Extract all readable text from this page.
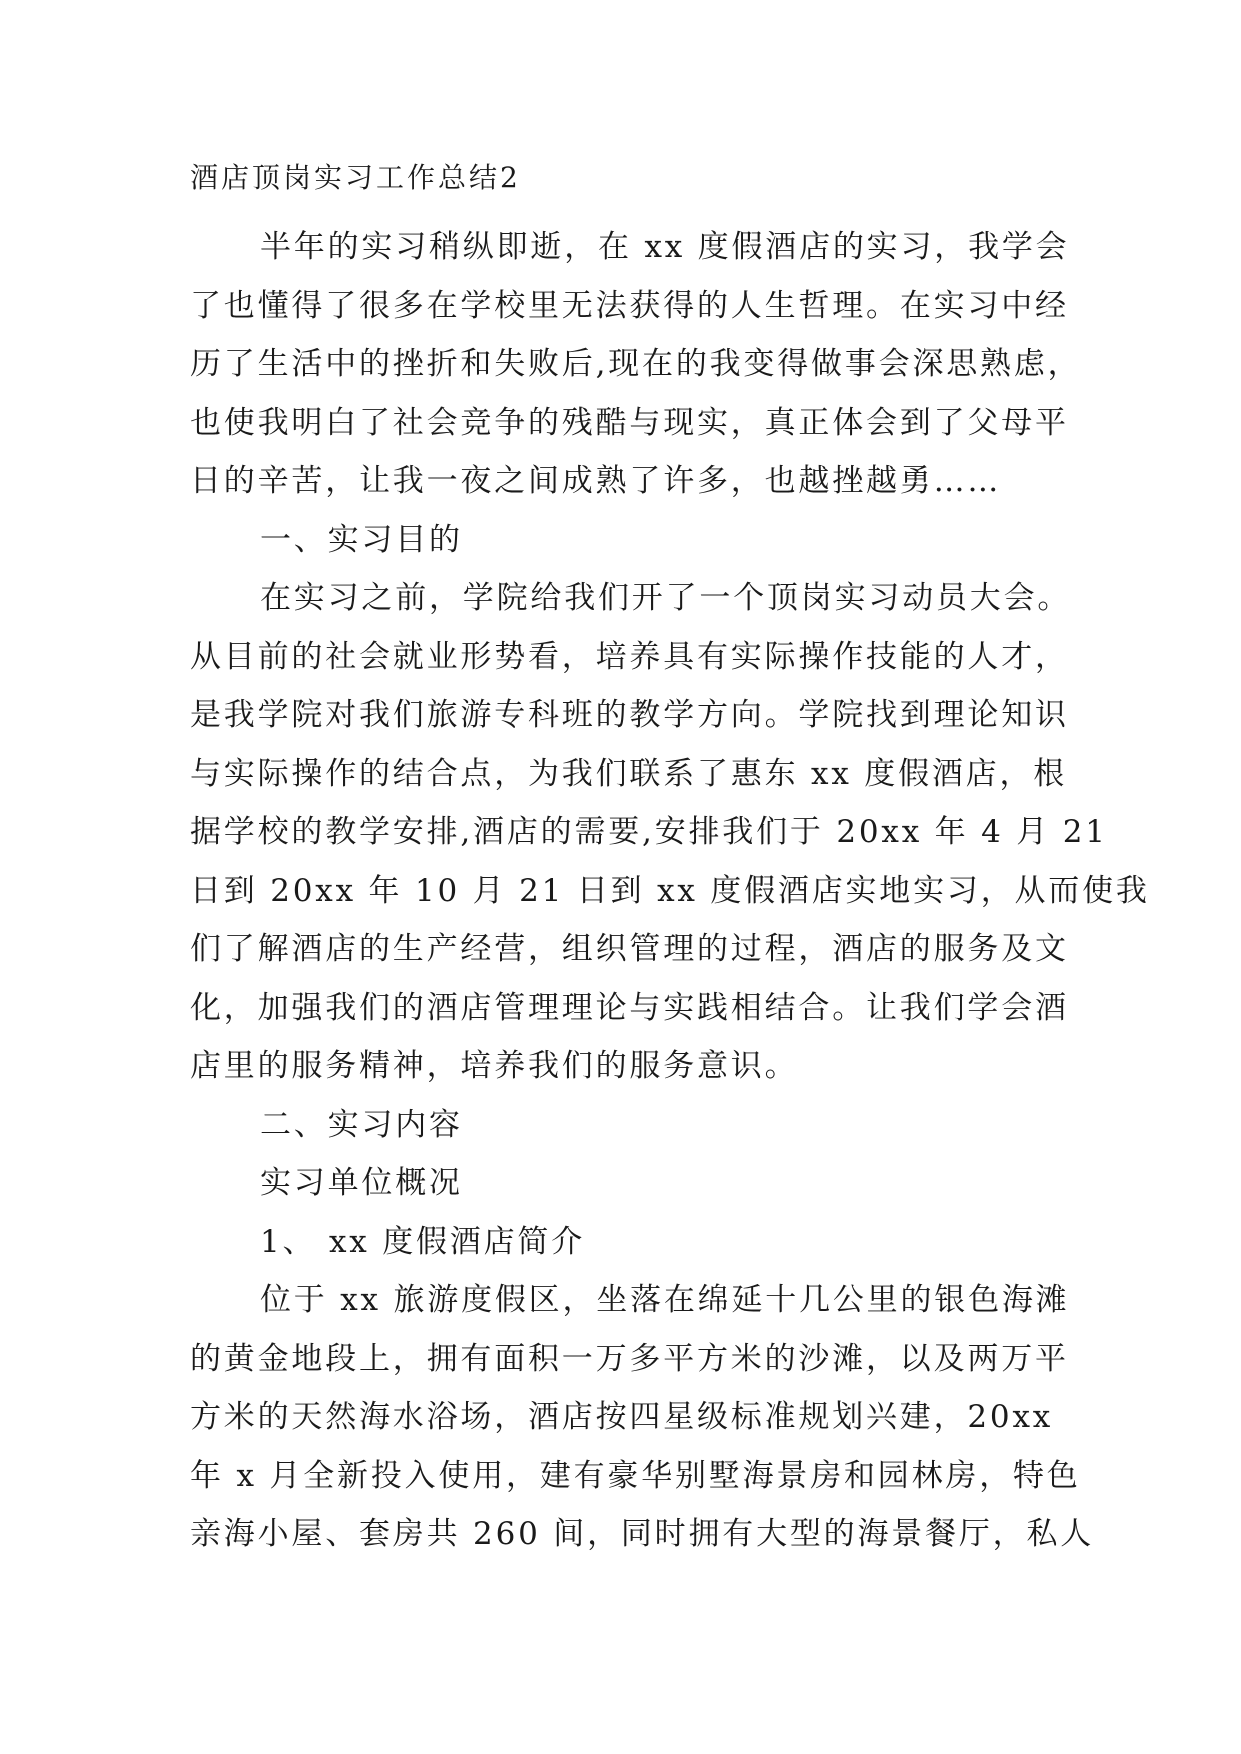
酒店顶岗实习工作总结2
半年的实习稍纵即逝，在 xx 度假酒店的实习，我学会
了也懂得了很多在学校里无法获得的人生哲理。在实习中经
历了生活中的挫折和失败后,现在的我变得做事会深思熟虑，
也使我明白了社会竞争的残酷与现实，真正体会到了父母平
日的辛苦，让我一夜之间成熟了许多，也越挫越勇……
一、实习目的
在实习之前，学院给我们开了一个顶岗实习动员大会。
从目前的社会就业形势看，培养具有实际操作技能的人才，
是我学院对我们旅游专科班的教学方向。学院找到理论知识
与实际操作的结合点，为我们联系了惠东 xx 度假酒店，根
据学校的教学安排,酒店的需要,安排我们于 20xx 年 4 月 21
日到 20xx 年 10 月 21 日到 xx 度假酒店实地实习，从而使我
们了解酒店的生产经营，组织管理的过程，酒店的服务及文
化，加强我们的酒店管理理论与实践相结合。让我们学会酒
店里的服务精神，培养我们的服务意识。
二、实习内容
实习单位概况
1、 xx 度假酒店简介
位于 xx 旅游度假区，坐落在绵延十几公里的银色海滩
的黄金地段上，拥有面积一万多平方米的沙滩，以及两万平
方米的天然海水浴场，酒店按四星级标准规划兴建，20xx
年 x 月全新投入使用，建有豪华别墅海景房和园林房，特色
亲海小屋、套房共 260 间，同时拥有大型的海景餐厅，私人
